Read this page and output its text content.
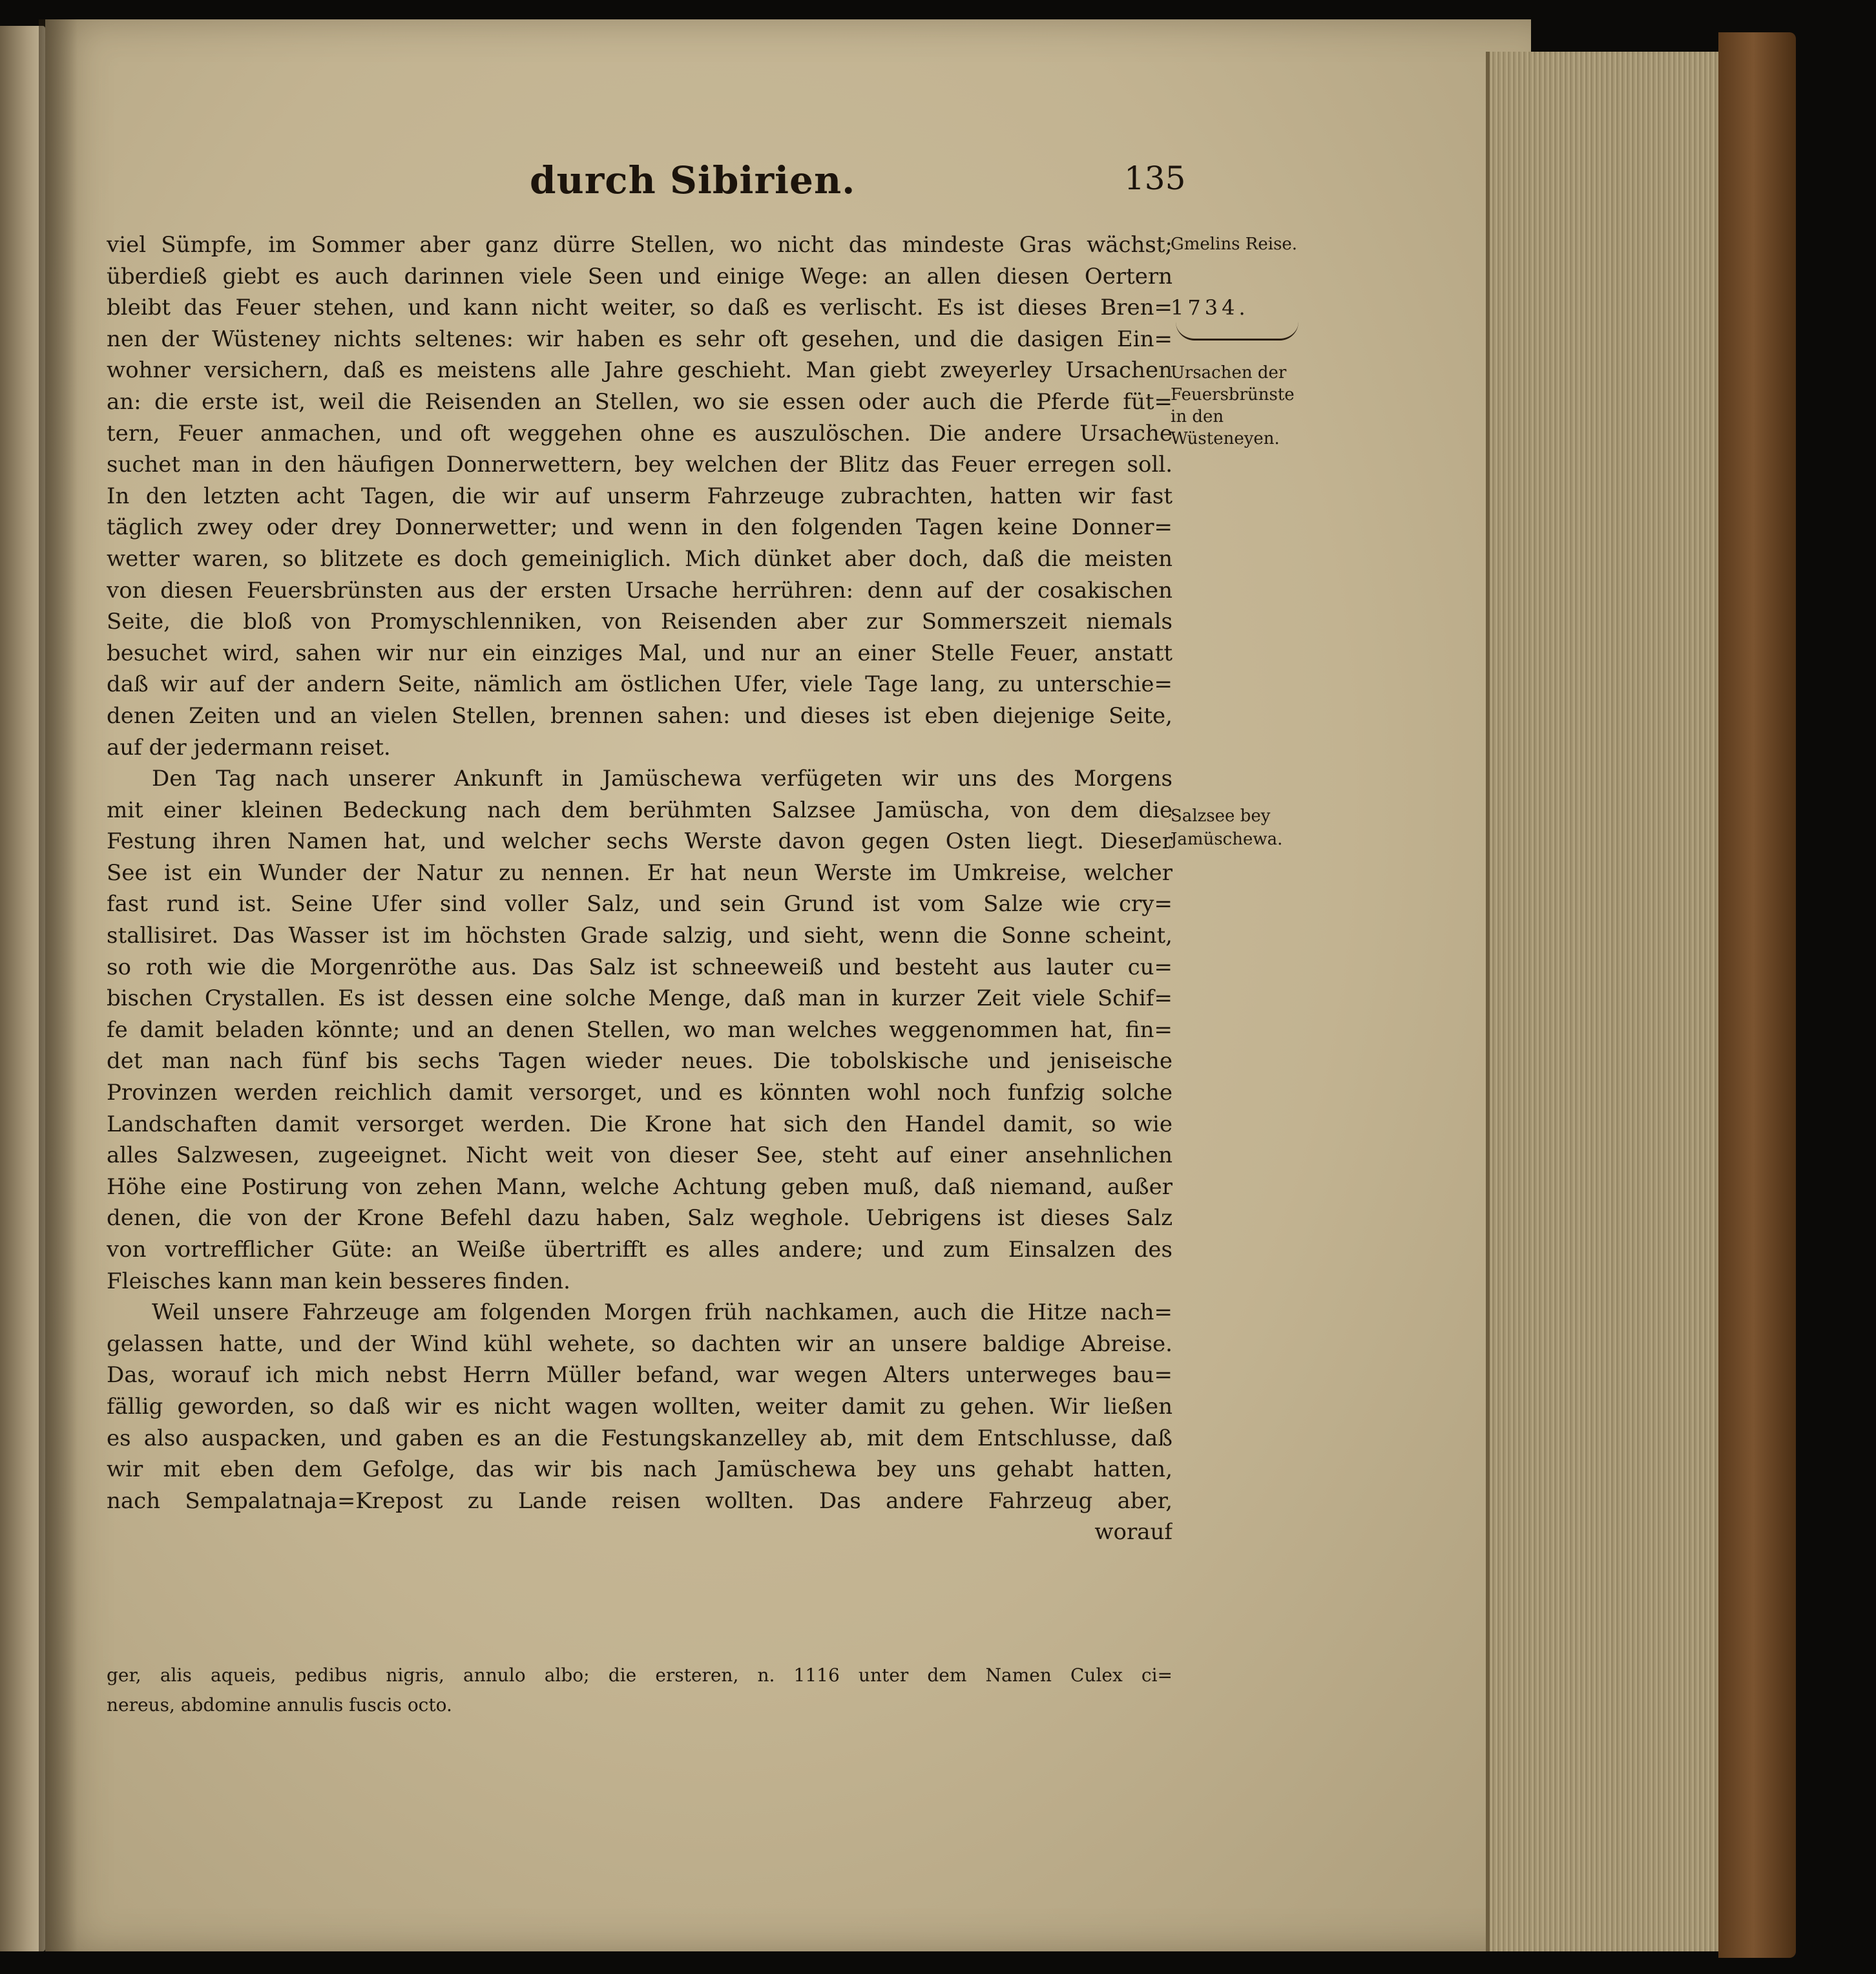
durch Sibirien.	135
Gmelins Reise.
1734.
Ursachen der Feuersbrünste in den Wüsteneyen.
Salzsee bey Jamüschewa.
viel Sümpfe, im Sommer aber ganz dürre Stellen, wo nicht das mindeste Gras wächst;
überdieß giebt es auch darinnen viele Seen und einige Wege: an allen diesen Oertern
bleibt das Feuer stehen, und kann nicht weiter, so daß es verlischt. Es ist dieses Bren=
nen der Wüsteney nichts seltenes: wir haben es sehr oft gesehen, und die dasigen Ein=
wohner versichern, daß es meistens alle Jahre geschieht. Man giebt zweyerley Ursachen
an: die erste ist, weil die Reisenden an Stellen, wo sie essen oder auch die Pferde füt=
tern, Feuer anmachen, und oft weggehen ohne es auszulöschen. Die andere Ursache
suchet man in den häufigen Donnerwettern, bey welchen der Blitz das Feuer erregen soll.
In den letzten acht Tagen, die wir auf unserm Fahrzeuge zubrachten, hatten wir fast
täglich zwey oder drey Donnerwetter; und wenn in den folgenden Tagen keine Donner=
wetter waren, so blitzete es doch gemeiniglich. Mich dünket aber doch, daß die meisten
von diesen Feuersbrünsten aus der ersten Ursache herrühren: denn auf der cosakischen
Seite, die bloß von Promyschlenniken, von Reisenden aber zur Sommerszeit niemals
besuchet wird, sahen wir nur ein einziges Mal, und nur an einer Stelle Feuer, anstatt
daß wir auf der andern Seite, nämlich am östlichen Ufer, viele Tage lang, zu unterschie=
denen Zeiten und an vielen Stellen, brennen sahen: und dieses ist eben diejenige Seite,
auf der jedermann reiset.
Den Tag nach unserer Ankunft in Jamüschewa verfügeten wir uns des Morgens
mit einer kleinen Bedeckung nach dem berühmten Salzsee Jamüscha, von dem die
Festung ihren Namen hat, und welcher sechs Werste davon gegen Osten liegt. Dieser
See ist ein Wunder der Natur zu nennen. Er hat neun Werste im Umkreise, welcher
fast rund ist. Seine Ufer sind voller Salz, und sein Grund ist vom Salze wie cry=
stallisiret. Das Wasser ist im höchsten Grade salzig, und sieht, wenn die Sonne scheint,
so roth wie die Morgenröthe aus. Das Salz ist schneeweiß und besteht aus lauter cu=
bischen Crystallen. Es ist dessen eine solche Menge, daß man in kurzer Zeit viele Schif=
fe damit beladen könnte; und an denen Stellen, wo man welches weggenommen hat, fin=
det man nach fünf bis sechs Tagen wieder neues. Die tobolskische und jeniseische
Provinzen werden reichlich damit versorget, und es könnten wohl noch funfzig solche
Landschaften damit versorget werden. Die Krone hat sich den Handel damit, so wie
alles Salzwesen, zugeeignet. Nicht weit von dieser See, steht auf einer ansehnlichen
Höhe eine Postirung von zehen Mann, welche Achtung geben muß, daß niemand, außer
denen, die von der Krone Befehl dazu haben, Salz weghole. Uebrigens ist dieses Salz
von vortrefflicher Güte: an Weiße übertrifft es alles andere; und zum Einsalzen des
Fleisches kann man kein besseres finden.
Weil unsere Fahrzeuge am folgenden Morgen früh nachkamen, auch die Hitze nach=
gelassen hatte, und der Wind kühl wehete, so dachten wir an unsere baldige Abreise.
Das, worauf ich mich nebst Herrn Müller befand, war wegen Alters unterweges bau=
fällig geworden, so daß wir es nicht wagen wollten, weiter damit zu gehen. Wir ließen
es also auspacken, und gaben es an die Festungskanzelley ab, mit dem Entschlusse, daß
wir mit eben dem Gefolge, das wir bis nach Jamüschewa bey uns gehabt hatten,
nach Sempalatnaja=Krepost zu Lande reisen wollten. Das andere Fahrzeug aber,
worauf
ger, alis aqueis, pedibus nigris, annulo albo; die ersteren, n. 1116 unter dem Namen Culex ci=
nereus, abdomine annulis fuscis octo.
